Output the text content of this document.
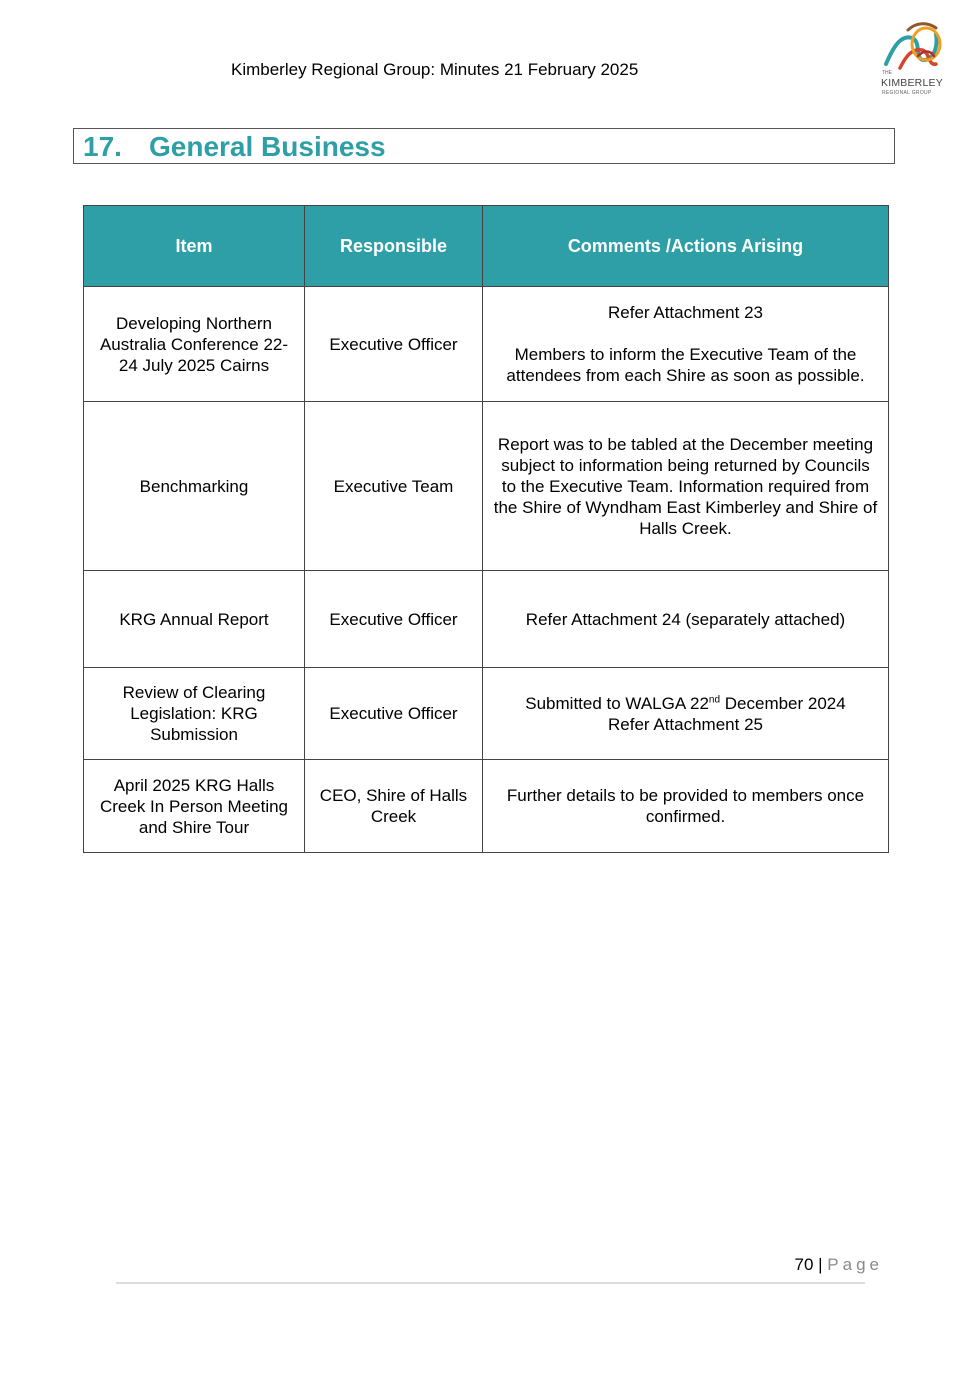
Kimberley Regional Group: Minutes 21 February 2025	THE
KIMBERLEY
REGIONAL GROUP
17. General Business
Item	Responsible	Comments /Actions Arising
Developing Northern Australia Conference 22-24 July 2025 Cairns	Executive Officer	Refer Attachment 23
Members to inform the Executive Team of the attendees from each Shire as soon as possible.
Benchmarking	Executive Team	Report was to be tabled at the December meeting subject to information being returned by Councils to the Executive Team. Information required from the Shire of Wyndham East Kimberley and Shire of Halls Creek.
KRG Annual Report	Executive Officer	Refer Attachment 24 (separately attached)
Review of Clearing Legislation: KRG Submission	Executive Officer	Submitted to WALGA 22nd December 2024
Refer Attachment 25
April 2025 KRG Halls Creek In Person Meeting and Shire Tour	CEO, Shire of Halls Creek	Further details to be provided to members once confirmed.
70 | Page
